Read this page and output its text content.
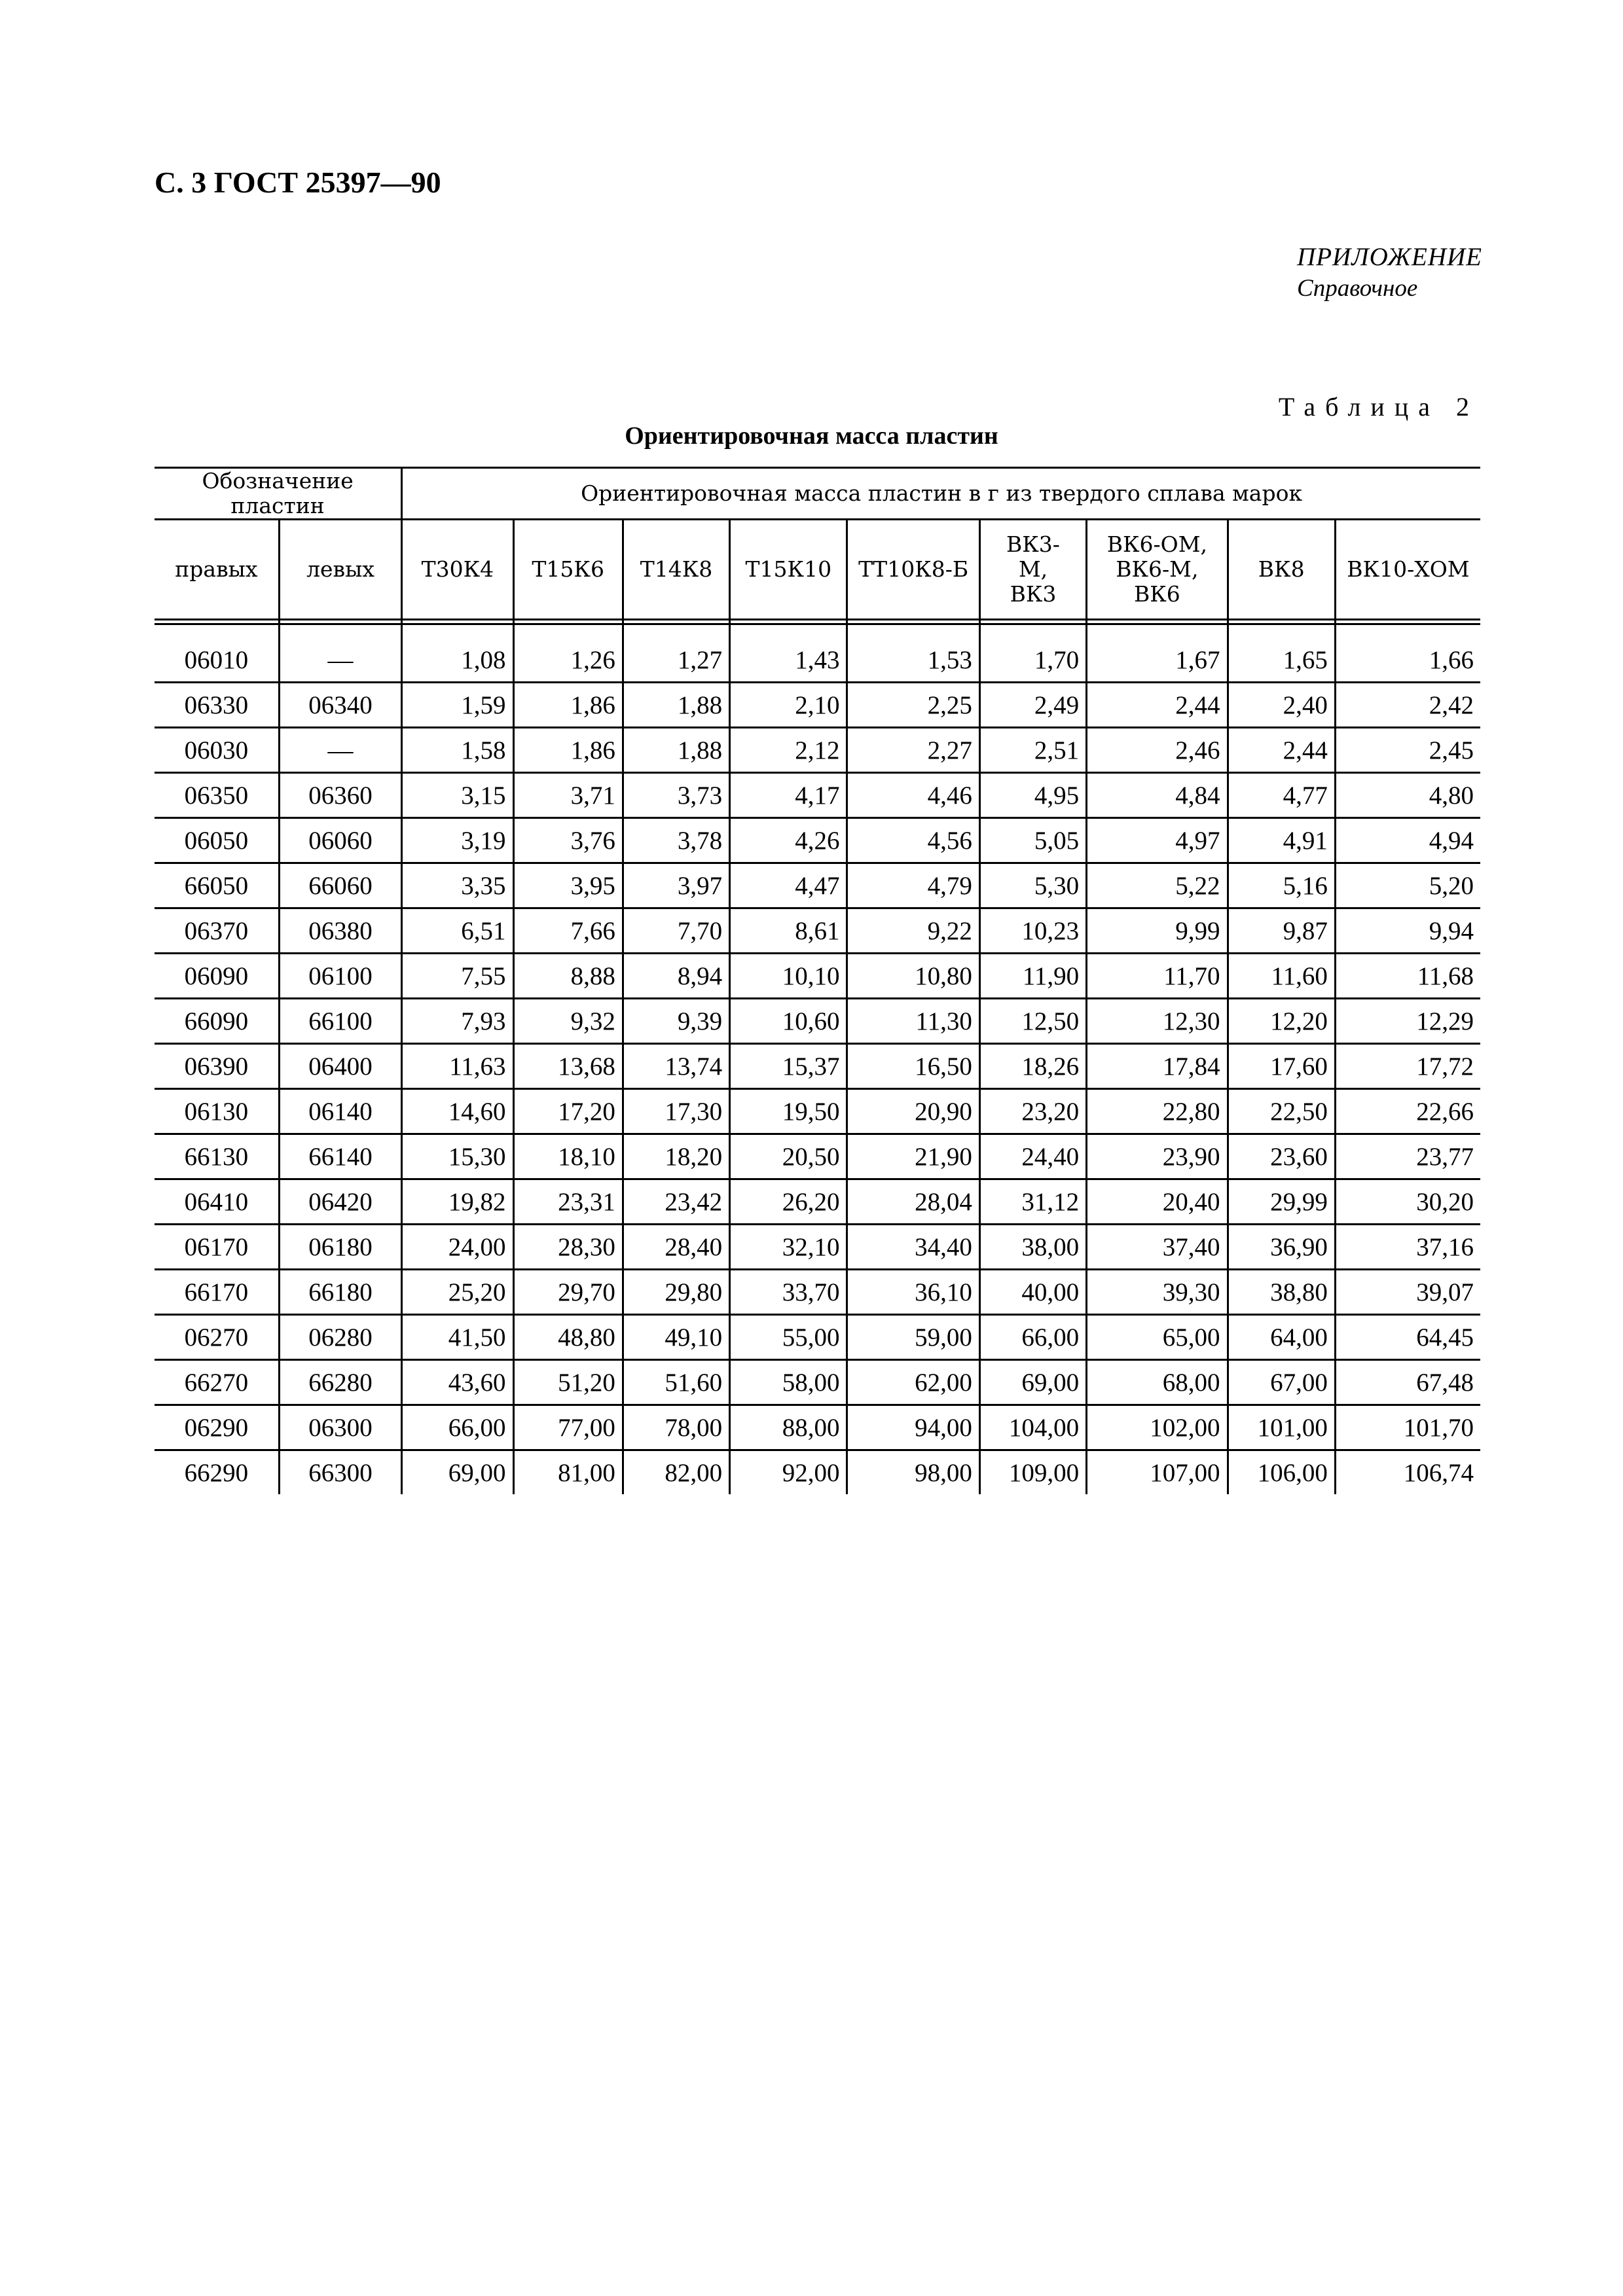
С. 3 ГОСТ 25397—90
ПРИЛОЖЕНИЕ
Справочное
Таблица 2
Ориентировочная масса пластин
Обозначение пластин		Ориентировочная масса пластин в г из твердого сплава марок								
правых	левых	Т30К4	Т15К6	Т14К8	Т15К10	ТТ10К8-Б	ВК3-М, ВК3	ВК6-ОМ, ВК6-М, ВК6	ВК8	ВК10-ХОМ

06010	—	1,08	1,26	1,27	1,43	1,53	1,70	1,67	1,65	1,66
06330	06340	1,59	1,86	1,88	2,10	2,25	2,49	2,44	2,40	2,42
06030	—	1,58	1,86	1,88	2,12	2,27	2,51	2,46	2,44	2,45
06350	06360	3,15	3,71	3,73	4,17	4,46	4,95	4,84	4,77	4,80
06050	06060	3,19	3,76	3,78	4,26	4,56	5,05	4,97	4,91	4,94
66050	66060	3,35	3,95	3,97	4,47	4,79	5,30	5,22	5,16	5,20
06370	06380	6,51	7,66	7,70	8,61	9,22	10,23	9,99	9,87	9,94
06090	06100	7,55	8,88	8,94	10,10	10,80	11,90	11,70	11,60	11,68
66090	66100	7,93	9,32	9,39	10,60	11,30	12,50	12,30	12,20	12,29
06390	06400	11,63	13,68	13,74	15,37	16,50	18,26	17,84	17,60	17,72
06130	06140	14,60	17,20	17,30	19,50	20,90	23,20	22,80	22,50	22,66
66130	66140	15,30	18,10	18,20	20,50	21,90	24,40	23,90	23,60	23,77
06410	06420	19,82	23,31	23,42	26,20	28,04	31,12	20,40	29,99	30,20
06170	06180	24,00	28,30	28,40	32,10	34,40	38,00	37,40	36,90	37,16
66170	66180	25,20	29,70	29,80	33,70	36,10	40,00	39,30	38,80	39,07
06270	06280	41,50	48,80	49,10	55,00	59,00	66,00	65,00	64,00	64,45
66270	66280	43,60	51,20	51,60	58,00	62,00	69,00	68,00	67,00	67,48
06290	06300	66,00	77,00	78,00	88,00	94,00	104,00	102,00	101,00	101,70
66290	66300	69,00	81,00	82,00	92,00	98,00	109,00	107,00	106,00	106,74
